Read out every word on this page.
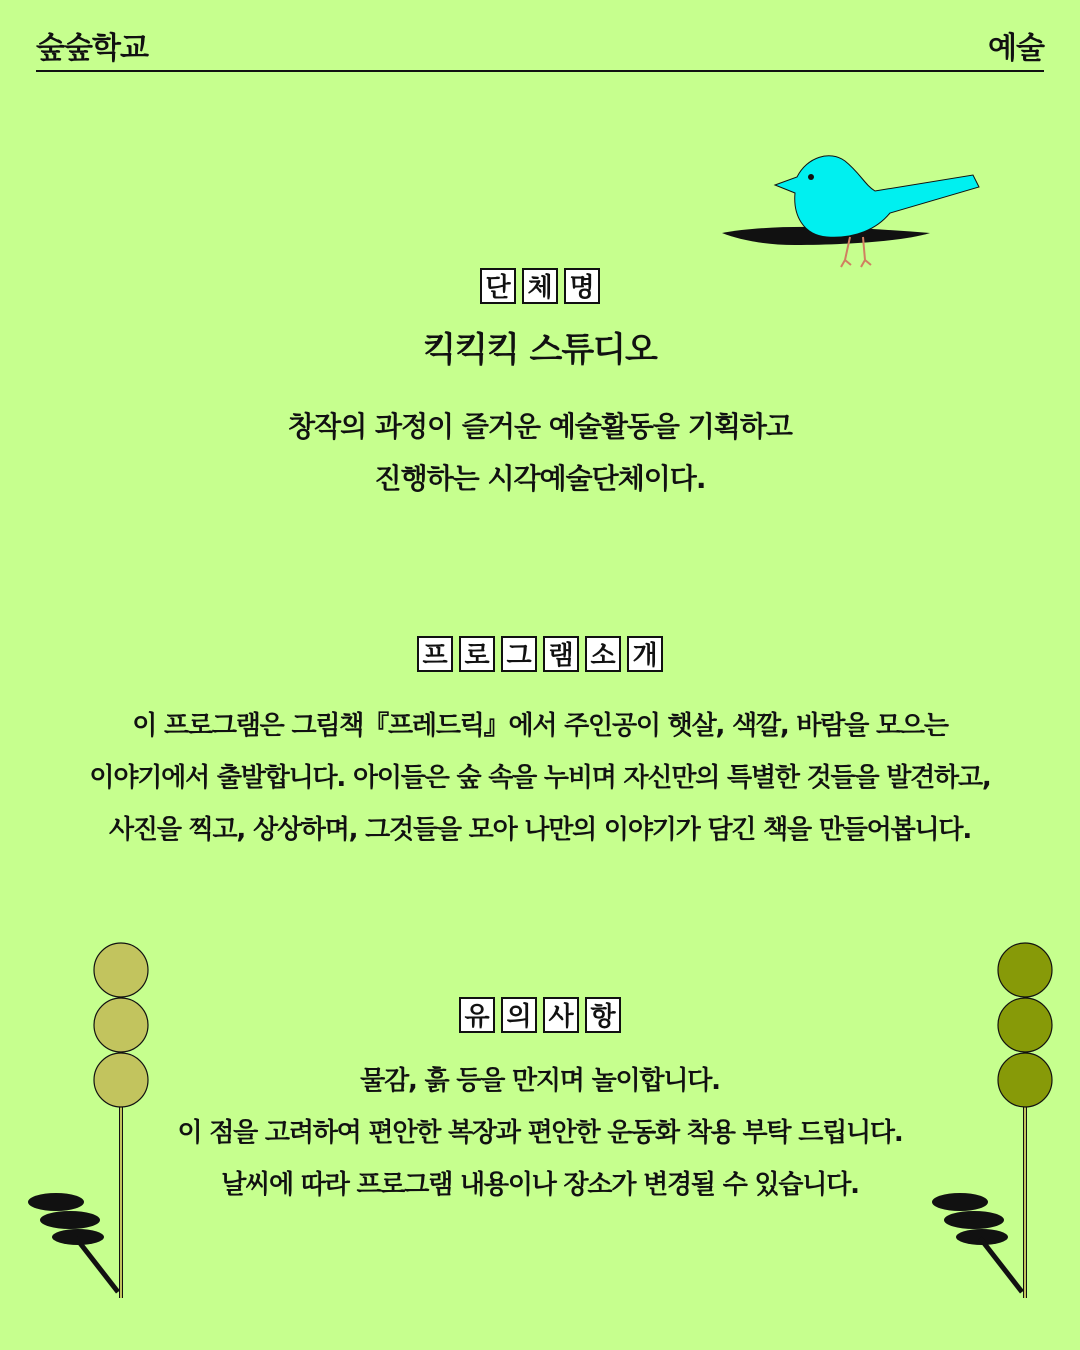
숲숲학교	예술
단 체 명
킥킥킥 스튜디오
창작의 과정이 즐거운 예술활동을 기획하고
진행하는 시각예술단체이다.
프 로 그 램 소 개
이 프로그램은 그림책『프레드릭』에서 주인공이 햇살, 색깔, 바람을 모으는
이야기에서 출발합니다. 아이들은 숲 속을 누비며 자신만의 특별한 것들을 발견하고,
사진을 찍고, 상상하며, 그것들을 모아 나만의 이야기가 담긴 책을 만들어봅니다.
유 의 사 항
물감, 흙 등을 만지며 놀이합니다.
이 점을 고려하여 편안한 복장과 편안한 운동화 착용 부탁 드립니다.
날씨에 따라 프로그램 내용이나 장소가 변경될 수 있습니다.
